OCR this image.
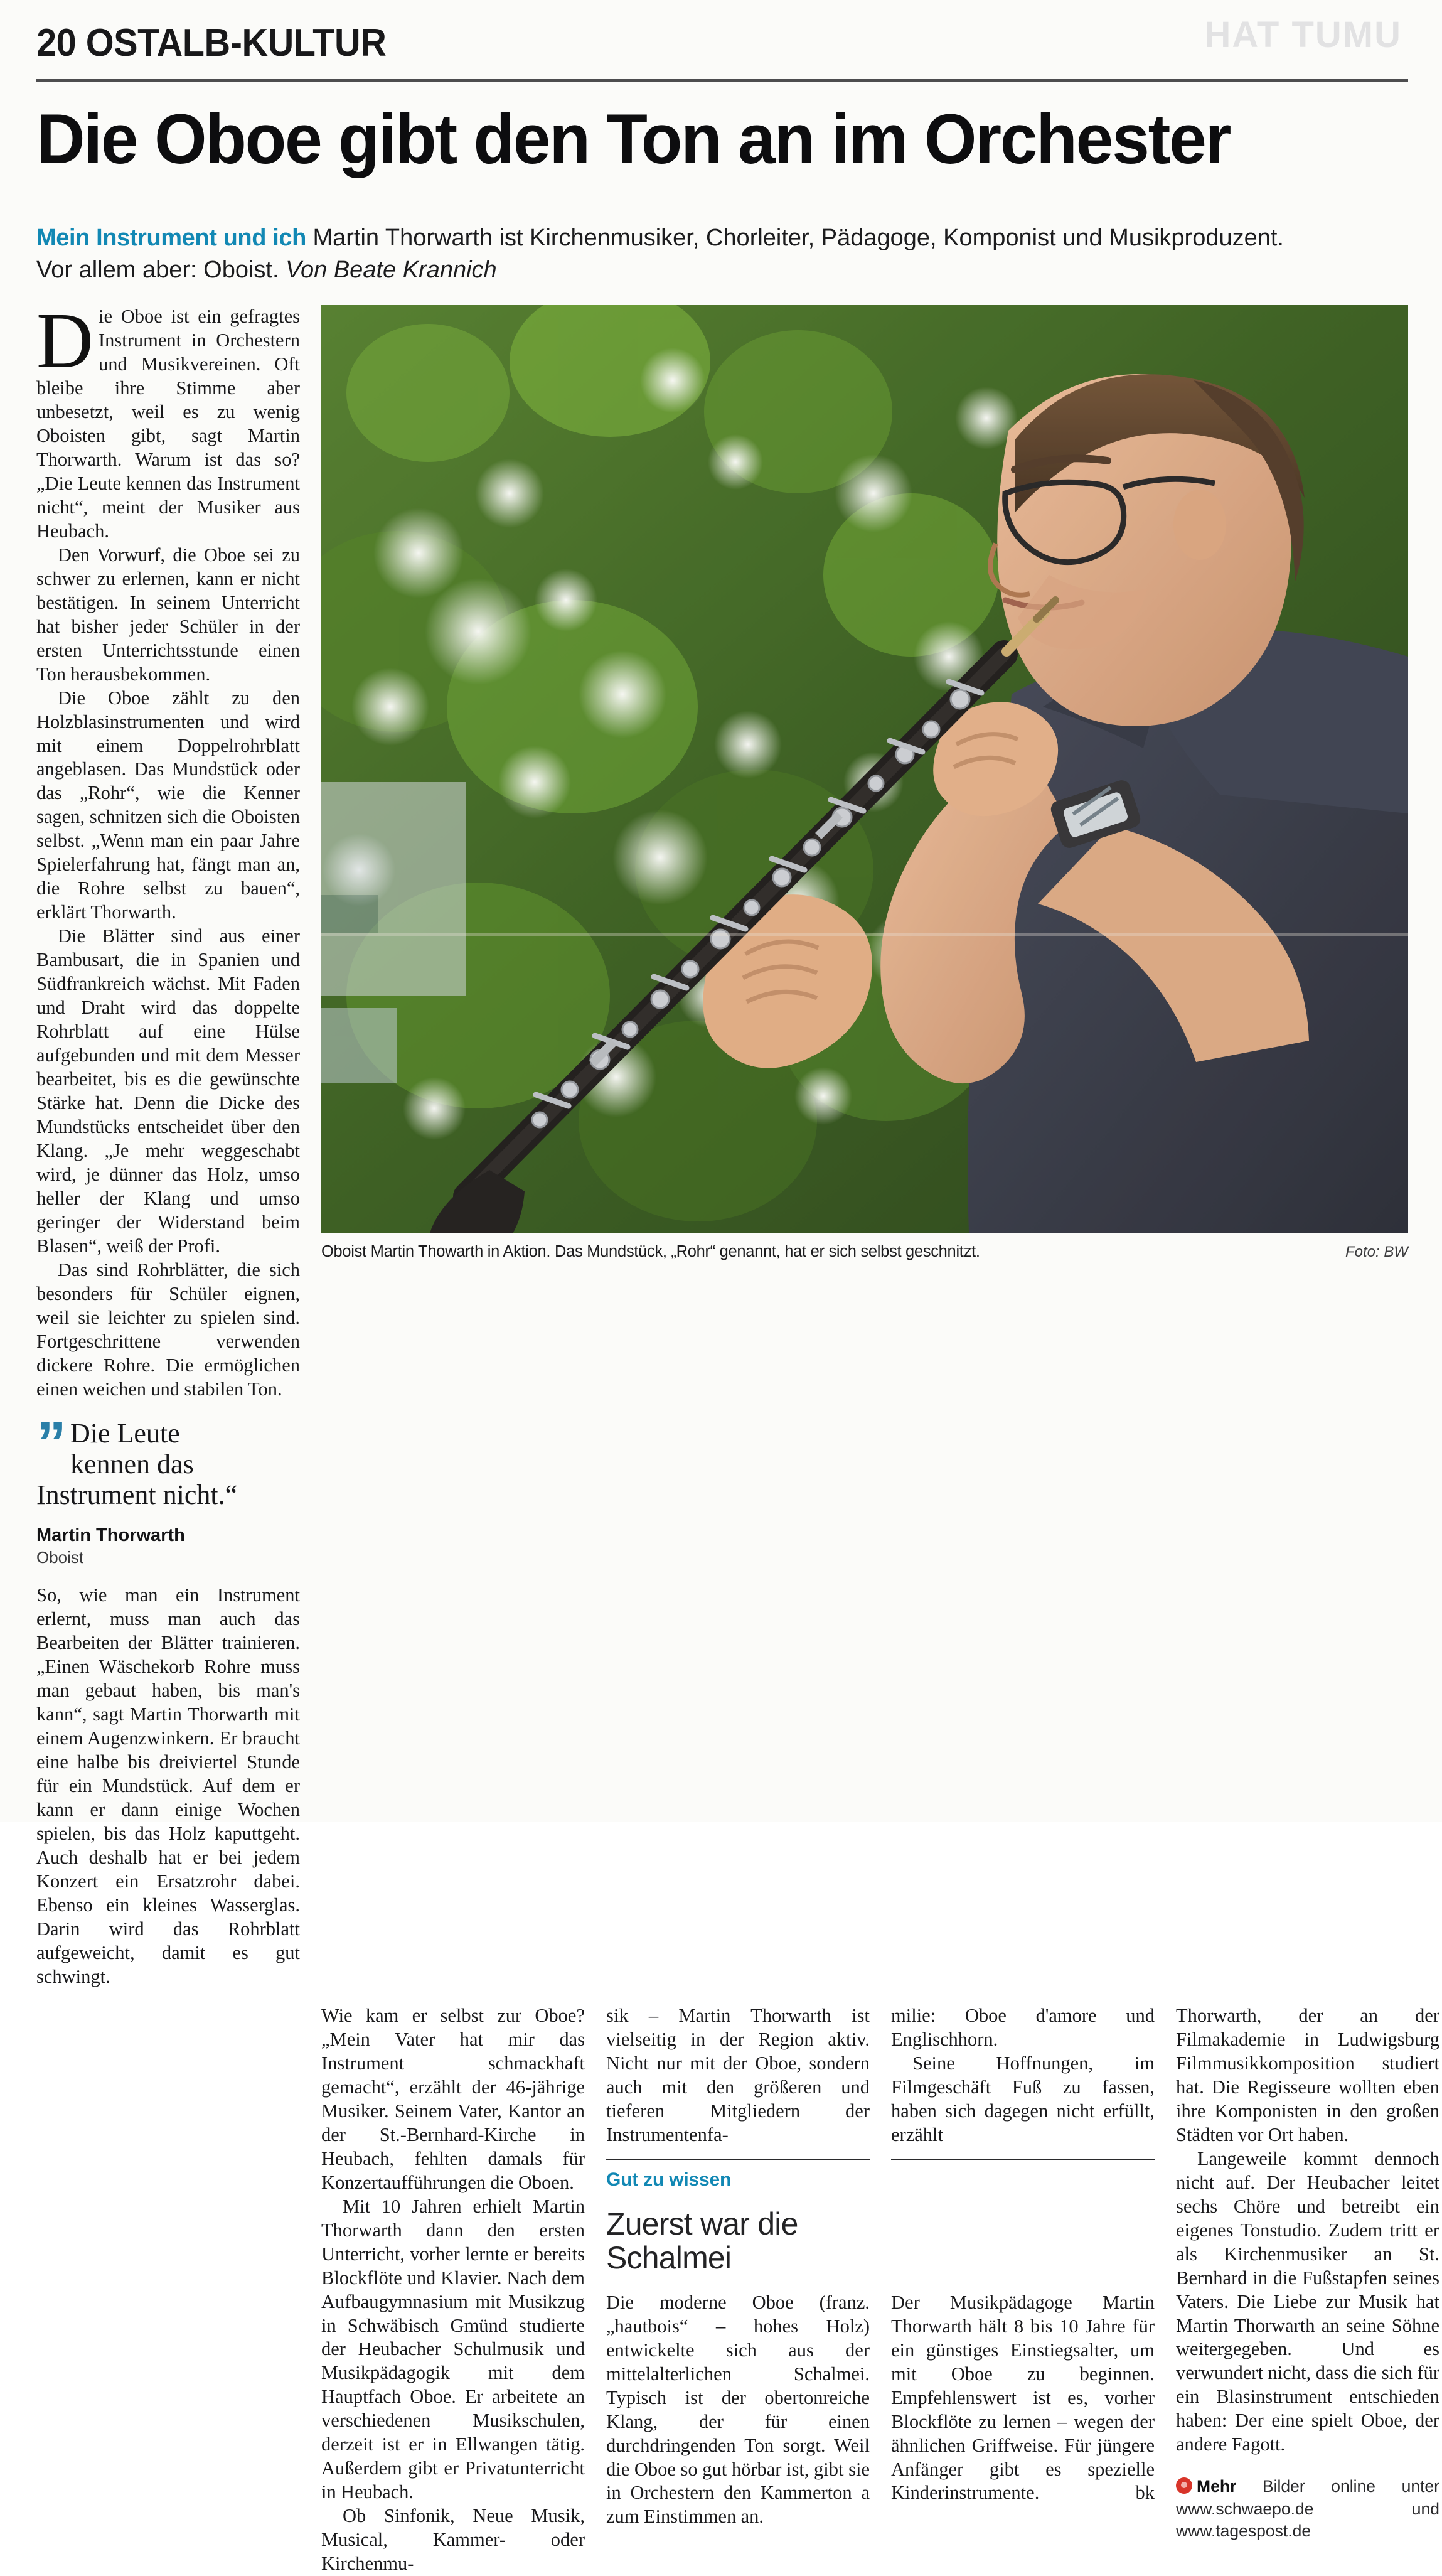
20 OSTALB-KULTUR	HAT TUMU
Die Oboe gibt den Ton an im Orchester
Mein Instrument und ich Martin Thorwarth ist Kirchenmusiker, Chorleiter, Pädagoge, Komponist und Musikproduzent. Vor allem aber: Oboist. Von Beate Krannich

Die Oboe ist ein gefragtes Instrument in Orchestern und Musikvereinen. Oft bleibe ihre Stimme aber unbesetzt, weil es zu wenig Oboisten gibt, sagt Martin Thorwarth. Warum ist das so? „Die Leute kennen das Instrument nicht“, meint der Musiker aus Heubach.

Den Vorwurf, die Oboe sei zu schwer zu erlernen, kann er nicht bestätigen. In seinem Unterricht hat bisher jeder Schüler in der ersten Unterrichtsstunde einen Ton herausbekommen.

Die Oboe zählt zu den Holzblasinstrumenten und wird mit einem Doppelrohrblatt angeblasen. Das Mundstück oder das „Rohr“, wie die Kenner sagen, schnitzen sich die Oboisten selbst. „Wenn man ein paar Jahre Spielerfahrung hat, fängt man an, die Rohre selbst zu bauen“, erklärt Thorwarth.

Die Blätter sind aus einer Bambusart, die in Spanien und Südfrankreich wächst. Mit Faden und Draht wird das doppelte Rohrblatt auf eine Hülse aufgebunden und mit dem Messer bearbeitet, bis es die gewünschte Stärke hat. Denn die Dicke des Mundstücks entscheidet über den Klang. „Je mehr weggeschabt wird, je dünner das Holz, umso heller der Klang und umso geringer der Widerstand beim Blasen“, weiß der Profi.

Das sind Rohrblätter, die sich besonders für Schüler eignen, weil sie leichter zu spielen sind. Fortgeschrittene verwenden dickere Rohre. Die ermöglichen einen weichen und stabilen Ton.

” Die Leute
kennen das
Instrument nicht.“
Martin Thorwarth
Oboist

So, wie man ein Instrument erlernt, muss man auch das Bearbeiten der Blätter trainieren. „Einen Wäschekorb Rohre muss man gebaut haben, bis man's kann“, sagt Martin Thorwarth mit einem Augenzwinkern. Er braucht eine halbe bis dreiviertel Stunde für ein Mundstück. Auf dem er kann er dann einige Wochen spielen, bis das Holz kaputtgeht. Auch deshalb hat er bei jedem Konzert ein Ersatzrohr dabei. Ebenso ein kleines Wasserglas. Darin wird das Rohrblatt aufgeweicht, damit es gut schwingt.

Oboist Martin Thowarth in Aktion. Das Mundstück, „Rohr“ genannt, hat er sich selbst geschnitzt.	Foto: BW

Wie kam er selbst zur Oboe? „Mein Vater hat mir das Instrument schmackhaft gemacht“, erzählt der 46-jährige Musiker. Seinem Vater, Kantor an der St.-Bernhard-Kirche in Heubach, fehlten damals für Konzertaufführungen die Oboen.

Mit 10 Jahren erhielt Martin Thorwarth dann den ersten Unterricht, vorher lernte er bereits Blockflöte und Klavier. Nach dem Aufbaugymnasium mit Musikzug in Schwäbisch Gmünd studierte der Heubacher Schulmusik und Musikpädagogik mit dem Hauptfach Oboe. Er arbeitete an verschiedenen Musikschulen, derzeit ist er in Ellwangen tätig. Außerdem gibt er Privatunterricht in Heubach.

Ob Sinfonik, Neue Musik, Musical, Kammer- oder Kirchenmu-

sik – Martin Thorwarth ist vielseitig in der Region aktiv. Nicht nur mit der Oboe, sondern auch mit den größeren und tieferen Mitgliedern der Instrumentenfa-

Gut zu wissen
Zuerst war die Schalmei

Die moderne Oboe (franz. „hautbois“ – hohes Holz) entwickelte sich aus der mittelalterlichen Schalmei. Typisch ist der obertonreiche Klang, der für einen durchdringenden Ton sorgt. Weil die Oboe so gut hörbar ist, gibt sie in Orchestern den Kammerton a zum Einstimmen an.

milie: Oboe d'amore und Englischhorn.

Seine Hoffnungen, im Filmgeschäft Fuß zu fassen, haben sich dagegen nicht erfüllt, erzählt

Der Musikpädagoge Martin Thorwarth hält 8 bis 10 Jahre für ein günstiges Einstiegsalter, um mit Oboe zu beginnen. Empfehlenswert ist es, vorher Blockflöte zu lernen – wegen der ähnlichen Griffweise. Für jüngere Anfänger gibt es spezielle Kinderinstrumente.	bk

Thorwarth, der an der Filmakademie in Ludwigsburg Filmmusikkomposition studiert hat. Die Regisseure wollten eben ihre Komponisten in den großen Städten vor Ort haben.

Langeweile kommt dennoch nicht auf. Der Heubacher leitet sechs Chöre und betreibt ein eigenes Tonstudio. Zudem tritt er als Kirchenmusiker an St. Bernhard in die Fußstapfen seines Vaters. Die Liebe zur Musik hat Martin Thorwarth an seine Söhne weitergegeben. Und es verwundert nicht, dass die sich für ein Blasinstrument entschieden haben: Der eine spielt Oboe, der andere Fagott.

Mehr Bilder online unter www.schwaepo.de und www.tagespost.de
